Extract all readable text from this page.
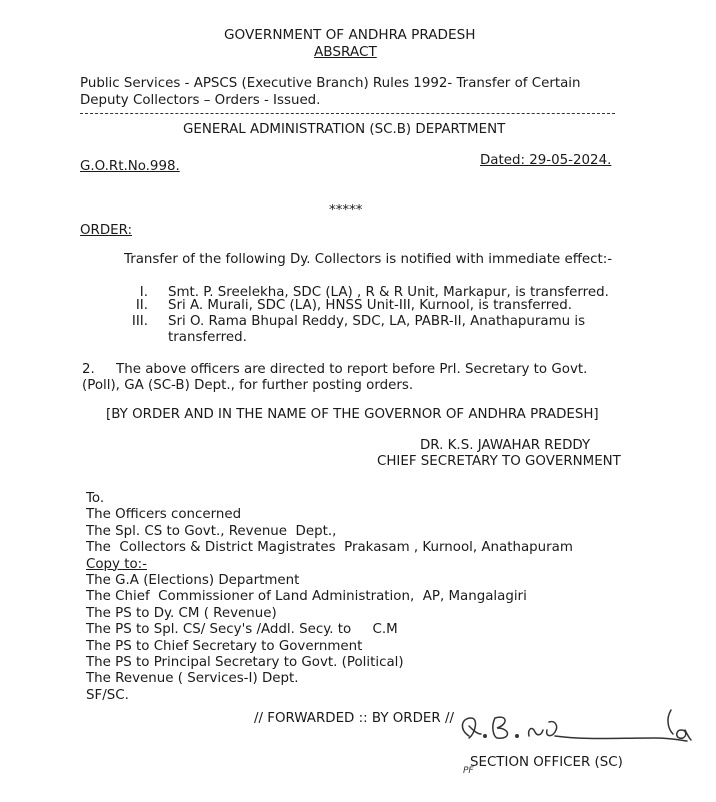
GOVERNMENT OF ANDHRA PRADESH
ABSRACT
Public Services - APSCS (Executive Branch) Rules 1992- Transfer of Certain
Deputy Collectors – Orders - Issued.
GENERAL ADMINISTRATION (SC.B) DEPARTMENT
G.O.Rt.No.998.	Dated: 29-05-2024.
*****
ORDER:
Transfer of the following Dy. Collectors is notified with immediate effect:-
I. Smt. P. Sreelekha, SDC (LA) , R & R Unit, Markapur, is transferred.
II. Sri A. Murali, SDC (LA), HNSS Unit-III, Kurnool, is transferred.
III. Sri O. Rama Bhupal Reddy, SDC, LA, PABR-II, Anathapuramu is transferred.
2.     The above officers are directed to report before Prl. Secretary to Govt.
(Poll), GA (SC-B) Dept., for further posting orders.
[BY ORDER AND IN THE NAME OF THE GOVERNOR OF ANDHRA PRADESH]
DR. K.S. JAWAHAR REDDY
CHIEF SECRETARY TO GOVERNMENT
To.
The Officers concerned
The Spl. CS to Govt., Revenue  Dept.,
The  Collectors & District Magistrates  Prakasam , Kurnool, Anathapuram
Copy to:-
The G.A (Elections) Department
The Chief  Commissioner of Land Administration,  AP, Mangalagiri
The PS to Dy. CM ( Revenue)
The PS to Spl. CS/ Secy's /Addl. Secy. to     C.M
The PS to Chief Secretary to Government
The PS to Principal Secretary to Govt. (Political)
The Revenue ( Services-I) Dept.
SF/SC.
// FORWARDED :: BY ORDER //
PF
SECTION OFFICER (SC)
